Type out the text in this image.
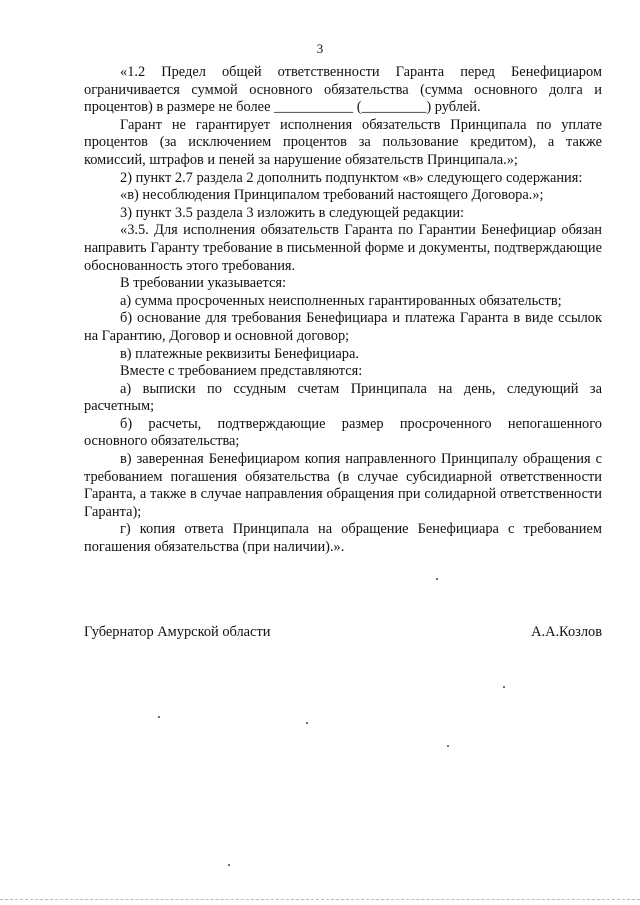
3

«1.2 Предел общей ответственности Гаранта перед Бенефициаром ограничивается суммой основного обязательства (сумма основного долга и процентов) в размере не более ___________ (_________) рублей.

Гарант не гарантирует исполнения обязательств Принципала по уплате процентов (за исключением процентов за пользование кредитом), а также комиссий, штрафов и пеней за нарушение обязательств Принципала.»;

2) пункт 2.7 раздела 2 дополнить подпунктом «в» следующего содержания:

«в) несоблюдения Принципалом требований настоящего Договора.»;

3) пункт 3.5 раздела 3 изложить в следующей редакции:

«3.5. Для исполнения обязательств Гаранта по Гарантии Бенефициар обязан направить Гаранту требование в письменной форме и документы, подтверждающие обоснованность этого требования.

В требовании указывается:

а) сумма просроченных неисполненных гарантированных обязательств;

б) основание для требования Бенефициара и платежа Гаранта в виде ссылок на Гарантию, Договор и основной договор;

в) платежные реквизиты Бенефициара.

Вместе с требованием представляются:

а) выписки по ссудным счетам Принципала на день, следующий за расчетным;

б) расчеты, подтверждающие размер просроченного непогашенного основного обязательства;

в) заверенная Бенефициаром копия направленного Принципалу обращения с требованием погашения обязательства (в случае субсидиарной ответственности Гаранта, а также в случае направления обращения при солидарной ответственности Гаранта);

г) копия ответа Принципала на обращение Бенефициара с требованием погашения обязательства (при наличии).».

Губернатор Амурской области	А.А.Козлов
